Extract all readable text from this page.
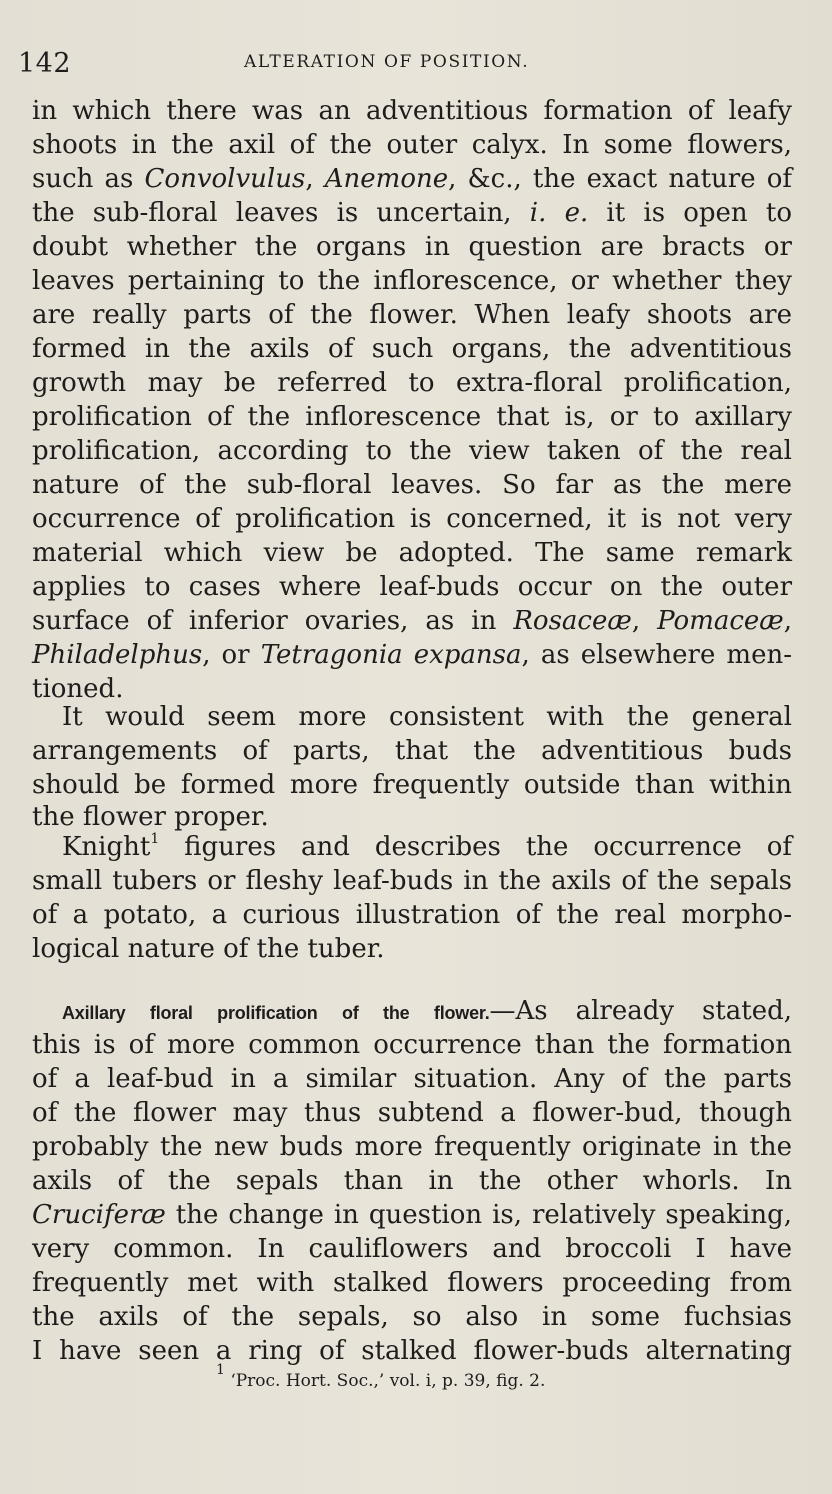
142	ALTERATION OF POSITION.
in which there was an adventitious formation of leafy
shoots in the axil of the outer calyx. In some flowers,
such as Convolvulus, Anemone, &c., the exact nature of
the sub-floral leaves is uncertain, i. e. it is open to
doubt whether the organs in question are bracts or
leaves pertaining to the inflorescence, or whether they
are really parts of the flower. When leafy shoots are
formed in the axils of such organs, the adventitious
growth may be referred to extra-floral prolification,
prolification of the inflorescence that is, or to axillary
prolification, according to the view taken of the real
nature of the sub-floral leaves. So far as the mere
occurrence of prolification is concerned, it is not very
material which view be adopted. The same remark
applies to cases where leaf-buds occur on the outer
surface of inferior ovaries, as in Rosaceæ, Pomaceæ,
Philadelphus, or Tetragonia expansa, as elsewhere men-
tioned.
It would seem more consistent with the general
arrangements of parts, that the adventitious buds
should be formed more frequently outside than within
the flower proper.
Knight$^1$ figures and describes the occurrence of
small tubers or fleshy leaf-buds in the axils of the sepals
of a potato, a curious illustration of the real morpho-
logical nature of the tuber.
Axillary floral prolification of the flower.—As already stated,
this is of more common occurrence than the formation
of a leaf-bud in a similar situation. Any of the parts
of the flower may thus subtend a flower-bud, though
probably the new buds more frequently originate in the
axils of the sepals than in the other whorls. In
Cruciferæ the change in question is, relatively speaking,
very common. In cauliflowers and broccoli I have
frequently met with stalked flowers proceeding from
the axils of the sepals, so also in some fuchsias
I have seen a ring of stalked flower-buds alternating
$^1$ ‘Proc. Hort. Soc.,’ vol. i, p. 39, fig. 2.
